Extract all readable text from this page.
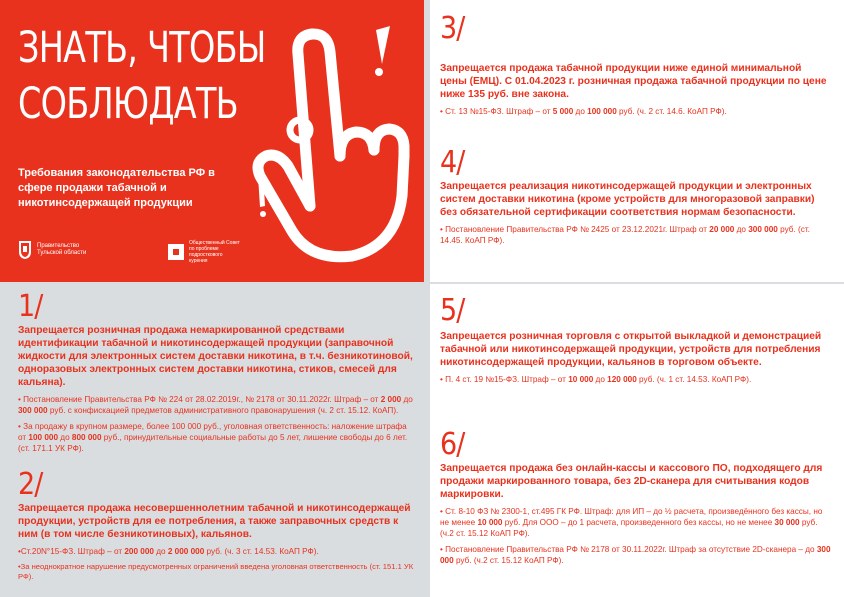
ЗНАТЬ, ЧТОБЫ
СОБЛЮДАТЬ
Требования законодательства РФ в сфере продажи табачной и никотинсодержащей продукции
Правительство
Тульской области
Общественный Совет
по проблеме
подросткового
курения
3/
Запрещается продажа табачной продукции ниже единой минимальной цены (ЕМЦ). С 01.04.2023 г. розничная продажа табачной продукции по цене ниже 135 руб. вне закона.
• Ст. 13 №15-ФЗ. Штраф – от 5 000 до 100 000 руб. (ч. 2 ст. 14.6. КоАП РФ).
4/
Запрещается реализация никотинсодержащей продукции и электронных систем доставки никотина (кроме устройств для многоразовой заправки) без обязательной сертификации соответствия нормам безопасности.
• Постановление Правительства РФ № 2425 от 23.12.2021г. Штраф от 20 000 до 300 000 руб. (ст. 14.45. КоАП РФ).
1/
Запрещается розничная продажа немаркированной средствами идентификации табачной и никотинсодержащей продукции (заправочной жидкости для электронных систем доставки никотина, в т.ч. безникотиновой, одноразовых электронных систем доставки никотина, стиков, смесей для кальяна).
• Постановление Правительства РФ № 224 от 28.02.2019г., № 2178 от 30.11.2022г. Штраф – от 2 000 до 300 000 руб. с конфискацией предметов административного правонарушения (ч. 2 ст. 15.12. КоАП).
• За продажу в крупном размере, более 100 000 руб., уголовная ответственность: наложение штрафа от 100 000 до 800 000 руб., принудительные социальные работы до 5 лет, лишение свободы до 6 лет. (ст. 171.1 УК РФ).
2/
Запрещается продажа несовершеннолетним табачной и никотинсодержащей продукции, устройств для ее потребления, а также заправочных средств к ним (в том числе безникотиновых), кальянов.
•Ст.20N°15-ФЗ. Штраф – от 200 000 до 2 000 000 руб. (ч. 3 ст. 14.53. КоАП РФ).
•За неоднократное нарушение предусмотренных ограничений введена уголовная ответственность (ст. 151.1 УК РФ).
5/
Запрещается розничная торговля с открытой выкладкой и демонстрацией табачной или никотинсодержащей продукции, устройств для потребления никотинсодержащей продукции, кальянов в торговом объекте.
• П. 4 ст. 19 №15-ФЗ. Штраф – от 10 000 до 120 000 руб. (ч. 1 ст. 14.53. КоАП РФ).
6/
Запрещается продажа без онлайн-кассы и кассового ПО, подходящего для продажи маркированного товара, без 2D-сканера для считывания кодов маркировки.
• Ст. 8-10 ФЗ № 2300-1, ст.495 ГК РФ. Штраф: для ИП – до ½ расчета, произведённого без кассы, но не менее 10 000 руб. Для ООО – до 1 расчета, произведенного без кассы, но не менее 30 000 руб. (ч.2 ст. 15.12 КоАП РФ).
• Постановление Правительства РФ № 2178 от 30.11.2022г. Штраф за отсутствие 2D-сканера – до 300 000 руб. (ч.2 ст. 15.12 КоАП РФ).
